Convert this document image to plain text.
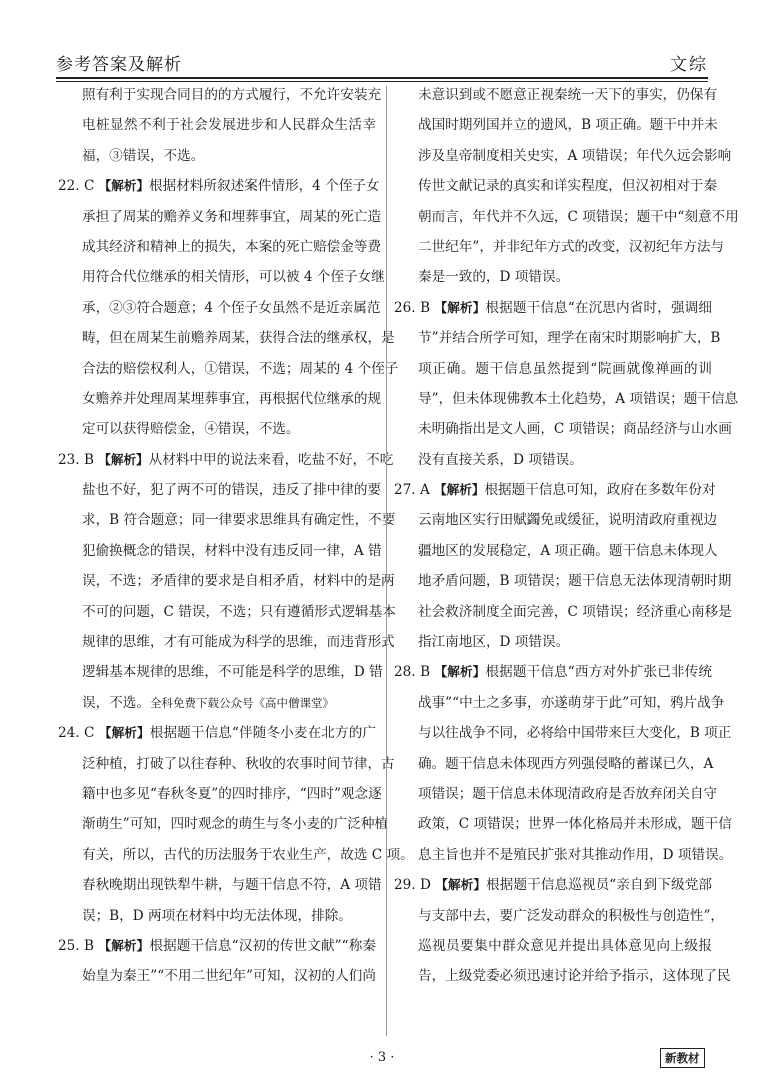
参考答案及解析	文综
照有利于实现合同目的的方式履行，不允许安装充
电桩显然不利于社会发展进步和人民群众生活幸
福，③错误，不选。
22. C 【解析】根据材料所叙述案件情形，4 个侄子女
承担了周某的赡养义务和埋葬事宜，周某的死亡造
成其经济和精神上的损失，本案的死亡赔偿金等费
用符合代位继承的相关情形，可以被 4 个侄子女继
承，②③符合题意；4 个侄子女虽然不是近亲属范
畴，但在周某生前赡养周某，获得合法的继承权，是
合法的赔偿权利人，①错误，不选；周某的 4 个侄子
女赡养并处理周某埋葬事宜，再根据代位继承的规
定可以获得赔偿金，④错误，不选。
23. B 【解析】从材料中甲的说法来看，吃盐不好，不吃
盐也不好，犯了两不可的错误，违反了排中律的要
求，B 符合题意；同一律要求思维具有确定性，不要
犯偷换概念的错误，材料中没有违反同一律，A 错
误，不选；矛盾律的要求是自相矛盾，材料中的是两
不可的问题，C 错误，不选；只有遵循形式逻辑基本
规律的思维，才有可能成为科学的思维，而违背形式
逻辑基本规律的思维，不可能是科学的思维，D 错
误，不选。全科免费下载公众号《高中僧课堂》
24. C 【解析】根据题干信息“伴随冬小麦在北方的广
泛种植，打破了以往春种、秋收的农事时间节律，古
籍中也多见“春秋冬夏”的四时排序，“四时”观念逐
渐萌生”可知，四时观念的萌生与冬小麦的广泛种植
有关，所以，古代的历法服务于农业生产，故选 C 项。
春秋晚期出现铁犁牛耕，与题干信息不符，A 项错
误；B，D 两项在材料中均无法体现，排除。
25. B 【解析】根据题干信息“汉初的传世文献”“称秦
始皇为秦王”“不用二世纪年”可知，汉初的人们尚
未意识到或不愿意正视秦统一天下的事实，仍保有
战国时期列国并立的遗风，B 项正确。题干中并未
涉及皇帝制度相关史实，A 项错误；年代久远会影响
传世文献记录的真实和详实程度，但汉初相对于秦
朝而言，年代并不久远，C 项错误；题干中“刻意不用
二世纪年”，并非纪年方式的改变，汉初纪年方法与
秦是一致的，D 项错误。
26. B 【解析】根据题干信息“在沉思内省时，强调细
节”并结合所学可知，理学在南宋时期影响扩大，B
项正确。题干信息虽然提到“院画就像禅画的训
导”，但未体现佛教本土化趋势，A 项错误；题干信息
未明确指出是文人画，C 项错误；商品经济与山水画
没有直接关系，D 项错误。
27. A 【解析】根据题干信息可知，政府在多数年份对
云南地区实行田赋蠲免或缓征，说明清政府重视边
疆地区的发展稳定，A 项正确。题干信息未体现人
地矛盾问题，B 项错误；题干信息无法体现清朝时期
社会救济制度全面完善，C 项错误；经济重心南移是
指江南地区，D 项错误。
28. B 【解析】根据题干信息“西方对外扩张已非传统
战事”“中土之多事，亦遂萌芽于此”可知，鸦片战争
与以往战争不同，必将给中国带来巨大变化，B 项正
确。题干信息未体现西方列强侵略的蓄谋已久，A
项错误；题干信息未体现清政府是否放弃闭关自守
政策，C 项错误；世界一体化格局并未形成，题干信
息主旨也并不是殖民扩张对其推动作用，D 项错误。
29. D 【解析】根据题干信息巡视员“亲自到下级党部
与支部中去，要广泛发动群众的积极性与创造性”，
巡视员要集中群众意见并提出具体意见向上级报
告，上级党委必须迅速讨论并给予指示，这体现了民
· 3 ·	新教材
